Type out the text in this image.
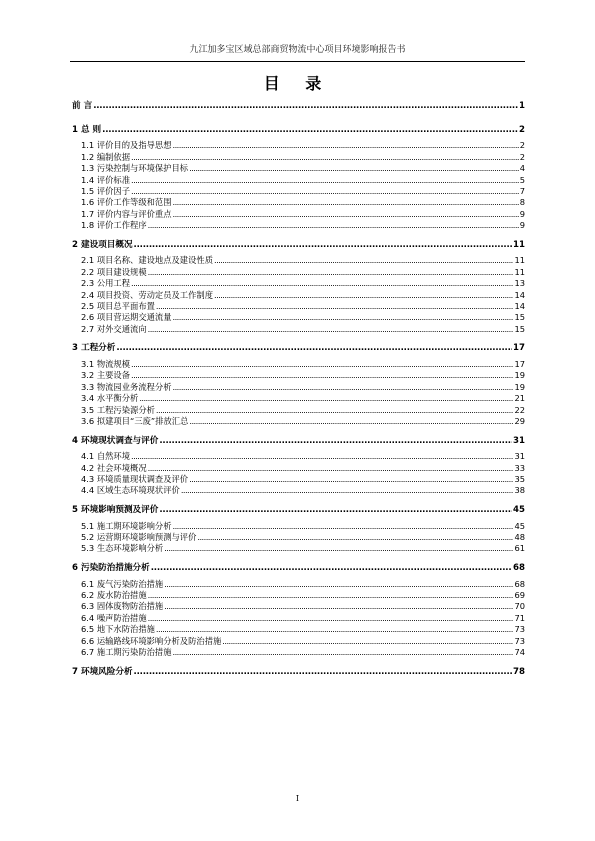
九江加多宝区域总部商贸物流中心项目环境影响报告书
目 录
前 言 . . .	1
1 总 则 . . .	2
1.1 评价目的及指导思想 . . .	2
1.2 编制依据 . . .	2
1.3 污染控制与环境保护目标 . . .	4
1.4 评价标准 . . .	5
1.5 评价因子 . . .	7
1.6 评价工作等级和范围 . . .	8
1.7 评价内容与评价重点 . . .	9
1.8 评价工作程序 . . .	9
2 建设项目概况 . . .	11
2.1 项目名称、建设地点及建设性质 . . .	11
2.2 项目建设规模 . . .	11
2.3 公用工程 . . .	13
2.4 项目投资、劳动定员及工作制度 . . .	14
2.5 项目总平面布置 . . .	14
2.6 项目营运期交通流量 . . .	15
2.7 对外交通流向 . . .	15
3 工程分析 . . .	17
3.1 物流规模 . . .	17
3.2 主要设备 . . .	19
3.3 物流园业务流程分析 . . .	19
3.4 水平衡分析 . . .	21
3.5 工程污染源分析 . . .	22
3.6 拟建项目“三废”排放汇总 . . .	29
4 环境现状调查与评价 . . .	31
4.1 自然环境 . . .	31
4.2 社会环境概况 . . .	33
4.3 环境质量现状调查及评价 . . .	35
4.4 区域生态环境现状评价 . . .	38
5 环境影响预测及评价 . . .	45
5.1 施工期环境影响分析 . . .	45
5.2 运营期环境影响预测与评价 . . .	48
5.3 生态环境影响分析 . . .	61
6 污染防治措施分析 . . .	68
6.1 废气污染防治措施 . . .	68
6.2 废水防治措施 . . .	69
6.3 固体废物防治措施 . . .	70
6.4 噪声防治措施 . . .	71
6.5 地下水防治措施 . . .	73
6.6 运输路线环境影响分析及防治措施 . . .	73
6.7 施工期污染防治措施 . . .	74
7 环境风险分析 . . .	78
I
